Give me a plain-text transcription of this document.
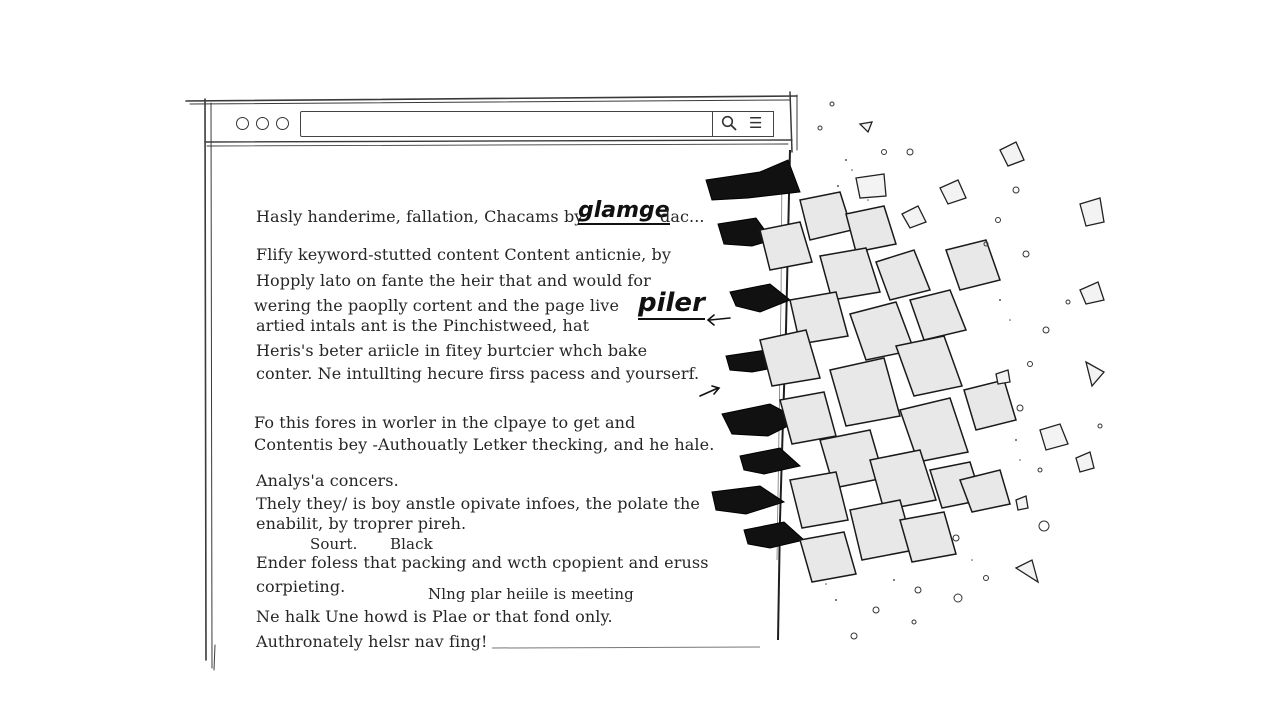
☰
Hasly handerime, fallation, Chacams by
glamge
dac...
Flify keyword-stutted content Content anticnie, by
Hopply lato on fante the heir that and would for
wering the paoplly cortent and the page live
artied intals ant is the Pinchistweed, hat
Heris's beter ariicle in fitey burtcier whch bake
conter. Ne intullting hecure firss pacess and yourserf.
piler
Fo this fores in worler in the clpaye to get and
Contentis bey -Authouatly Letker thecking, and he hale.
Analys'a concers.
Thely they/ is boy anstle opivate infoes, the polate the
enabilit, by troprer pireh.
Sourt. Black
Ender foless that packing and wcth cpopient and eruss
corpieting.	Nlng plar heiile is meeting
Ne halk Une howd is Plae or that fond only.
Authronately helsr nav fing!
